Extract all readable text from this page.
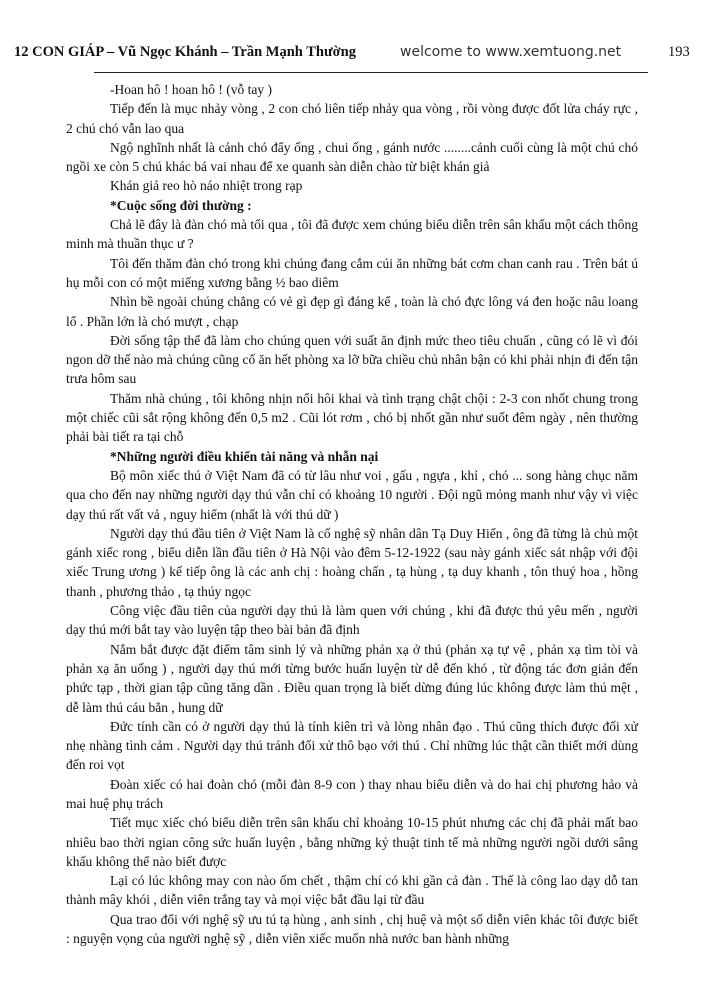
12 CON GIÁP – Vũ Ngọc Khánh – Trần Mạnh Thường	welcome to www.xemtuong.net	193

-Hoan hô ! hoan hô ! (vỗ tay )

Tiếp đến là mục nhảy vòng , 2 con chó liên tiếp nhảy qua vòng , rồi vòng được đốt lửa cháy rực , 2 chú chó vẫn lao qua

Ngộ nghĩnh nhất là cảnh chó đẩy ống , chui ống , gánh nước ........cảnh cuối cùng là một chú chó ngồi xe còn 5 chú khác bá vai nhau để xe quanh sàn diễn chào từ biệt khán giả

Khán giả reo hò náo nhiệt trong rạp

*Cuộc sống đời thường :

Chả lẽ đây là đàn chó mà tối qua , tôi đã được xem chúng biểu diễn trên sân khấu một cách thông minh mà thuần thục ư ?

Tôi đến thăm đàn chó trong khi chúng đang cắm cúi ăn những bát cơm chan canh rau . Trên bát ú hụ mỗi con có một miếng xương bằng ½ bao diêm

Nhìn bề ngoài chúng chẳng có vẻ gì đẹp gì đáng kể , toàn là chó đực lông vá đen hoặc nâu loang lổ . Phần lớn là chó mượt , chạp

Đời sống tập thể đã làm cho chúng quen với suất ăn định mức theo tiêu chuẩn , cũng có lẽ vì đói ngon dỡ thế nào mà chúng cũng cố ăn hết phòng xa lỡ bữa chiều chủ nhân bận có khi phải nhịn đi đến tận trưa hôm sau

Thăm nhà chúng , tôi không nhịn nổi hôi khai và tình trạng chật chội : 2-3 con nhốt chung trong một chiếc cũi sắt rộng không đến 0,5 m2 . Cũi lót rơm , chó bị nhốt gần như suốt đêm ngày , nên thường phải bài tiết ra tại chỗ

*Những người điều khiển tài năng và nhẫn nại

Bộ môn xiếc thú ở Việt Nam đã có từ lâu như voi , gấu , ngựa , khỉ , chó ... song hàng chục năm qua cho đến nay những người dạy thú vẫn chỉ có khoảng 10 người . Đội ngũ mỏng manh như vậy vì việc dạy thú rất vất vả , nguy hiểm (nhất là với thú dữ )

Người dạy thú đầu tiên ở Việt Nam là cố nghệ sỹ nhân dân Tạ Duy Hiển , ông đã từng là chủ một gánh xiếc rong , biểu diễn lần đầu tiên ở Hà Nội vào đêm 5-12-1922 (sau này gánh xiếc sát nhập với đội xiếc Trung ương ) kế tiếp ông là các anh chị : hoàng chấn , tạ hùng , tạ duy khanh , tôn thuý hoa , hồng thanh , phương thảo , tạ thúy ngọc

Công việc đầu tiên của người dạy thú là làm quen với chúng , khi đã được thú yêu mến , người dạy thú mới bắt tay vào luyện tập theo bài bản đã định

Nắm bắt được đặt điểm tâm sinh lý và những phản xạ ở thú (phản xạ tự vệ , phản xạ tìm tòi và phản xạ ăn uống ) , người dạy thú mới từng bước huấn luyện từ dễ đến khó , từ động tác đơn giản đến phức tạp , thời gian tập cũng tăng dần . Điều quan trọng là biết dừng đúng lúc không được làm thú mệt , dễ làm thú cáu bẳn , hung dữ

Đức tính cần có ở người dạy thú là tính kiên trì và lòng nhân đạo . Thú cũng thích được đối xử nhẹ nhàng tình cảm . Người dạy thú tránh đối xử thô bạo với thú . Chỉ những lúc thật cần thiết mới dùng đến roi vọt

Đoàn xiếc có hai đoàn chó (mỗi đàn 8-9 con ) thay nhau biểu diễn và do hai chị phương hảo và mai huệ phụ trách

Tiết mục xiếc chó biểu diễn trên sân khấu chỉ khoảng 10-15 phút nhưng các chị đã phải mất bao nhiêu bao thời ngian công sức huấn luyện , bằng những kỷ thuật tinh tế mà những người ngồi dưới sâng khấu không thể nào biết được

Lại có lúc không may con nào ốm chết , thậm chí có khi gần cả đàn . Thế là công lao dạy dỗ tan thành mây khói , diễn viên trắng tay và mọi việc bắt đầu lại từ đầu

Qua trao đổi với nghệ sỹ ưu tú tạ hùng , anh sinh , chị huệ và một số diễn viên khác tôi được biết : nguyện vọng của người nghệ sỹ , diễn viên xiếc muốn nhà nước ban hành những
